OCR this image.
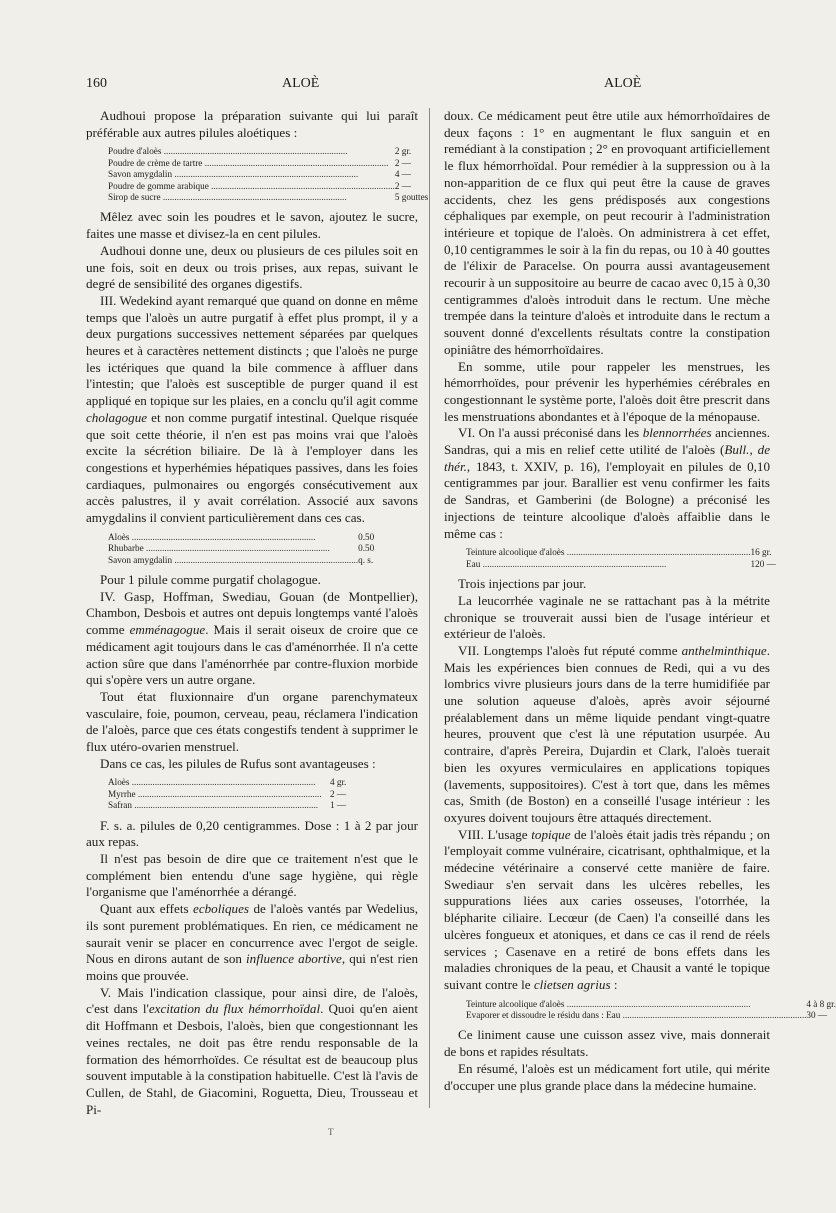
160	ALOÈ	ALOÈ

Audhoui propose la préparation suivante qui lui paraît préférable aux autres pilules aloétiques :

Poudre d'aloès ................................................................................	2 gr.
Poudre de crème de tartre ................................................................................	2 —
Savon amygdalin ................................................................................	4 —
Poudre de gomme arabique ................................................................................	2 —
Sirop de sucre ................................................................................	5 gouttes

Mêlez avec soin les poudres et le savon, ajoutez le sucre, faites une masse et divisez-la en cent pilules.

Audhoui donne une, deux ou plusieurs de ces pilules soit en une fois, soit en deux ou trois prises, aux repas, suivant le degré de sensibilité des organes digestifs.

III. Wedekind ayant remarqué que quand on donne en même temps que l'aloès un autre purgatif à effet plus prompt, il y a deux purgations successives nettement séparées par quelques heures et à caractères nettement distincts ; que l'aloès ne purge les ictériques que quand la bile commence à affluer dans l'intestin; que l'aloès est susceptible de purger quand il est appliqué en topique sur les plaies, en a conclu qu'il agit comme cholagogue et non comme purgatif intestinal. Quelque risquée que soit cette théorie, il n'en est pas moins vrai que l'aloès excite la sécrétion biliaire. De là à l'employer dans les congestions et hyperhémies hépatiques passives, dans les foies cardiaques, pulmonaires ou engorgés consécutivement aux accès palustres, il y avait corrélation. Associé aux savons amygdalins il convient particulièrement dans ces cas.

Aloès ................................................................................	0.50
Rhubarbe ................................................................................	0.50
Savon amygdalin ................................................................................	q. s.

Pour 1 pilule comme purgatif cholagogue.

IV. Gasp, Hoffman, Swediau, Gouan (de Montpellier), Chambon, Desbois et autres ont depuis longtemps vanté l'aloès comme emménagogue. Mais il serait oiseux de croire que ce médicament agit toujours dans le cas d'aménorrhée. Il n'a cette action sûre que dans l'aménorrhée par contre-fluxion morbide qui s'opère vers un autre organe.

Tout état fluxionnaire d'un organe parenchymateux vasculaire, foie, poumon, cerveau, peau, réclamera l'indication de l'aloès, parce que ces états congestifs tendent à supprimer le flux utéro-ovarien menstruel.

Dans ce cas, les pilules de Rufus sont avantageuses :

Aloès ................................................................................	4 gr.
Myrrhe ................................................................................	2 —
Safran ................................................................................	1 —

F. s. a. pilules de 0,20 centigrammes. Dose : 1 à 2 par jour aux repas.

Il n'est pas besoin de dire que ce traitement n'est que le complément bien entendu d'une sage hygiène, qui règle l'organisme que l'aménorrhée a dérangé.

Quant aux effets ecboliques de l'aloès vantés par Wedelius, ils sont purement problématiques. En rien, ce médicament ne saurait venir se placer en concurrence avec l'ergot de seigle. Nous en dirons autant de son influence abortive, qui n'est rien moins que prouvée.

V. Mais l'indication classique, pour ainsi dire, de l'aloès, c'est dans l'excitation du flux hémorrhoïdal. Quoi qu'en aient dit Hoffmann et Desbois, l'aloès, bien que congestionnant les veines rectales, ne doit pas être rendu responsable de la formation des hémorrhoïdes. Ce résultat est de beaucoup plus souvent imputable à la constipation habituelle. C'est là l'avis de Cullen, de Stahl, de Giacomini, Roguetta, Dieu, Trousseau et Pi-

doux. Ce médicament peut être utile aux hémorrhoïdaires de deux façons : 1° en augmentant le flux sanguin et en remédiant à la constipation ; 2° en provoquant artificiellement le flux hémorrhoïdal. Pour remédier à la suppression ou à la non-apparition de ce flux qui peut être la cause de graves accidents, chez les gens prédisposés aux congestions céphaliques par exemple, on peut recourir à l'administration intérieure et topique de l'aloès. On administrera à cet effet, 0,10 centigrammes le soir à la fin du repas, ou 10 à 40 gouttes de l'élixir de Paracelse. On pourra aussi avantageusement recourir à un suppositoire au beurre de cacao avec 0,15 à 0,30 centigrammes d'aloès introduit dans le rectum. Une mèche trempée dans la teinture d'aloès et introduite dans le rectum a souvent donné d'excellents résultats contre la constipation opiniâtre des hémorrhoïdaires.

En somme, utile pour rappeler les menstrues, les hémorrhoïdes, pour prévenir les hyperhémies cérébrales en congestionnant le système porte, l'aloès doit être prescrit dans les menstruations abondantes et à l'époque de la ménopause.

VI. On l'a aussi préconisé dans les blennorrhées anciennes. Sandras, qui a mis en relief cette utilité de l'aloès (Bull., de thér., 1843, t. XXIV, p. 16), l'employait en pilules de 0,10 centigrammes par jour. Barallier est venu confirmer les faits de Sandras, et Gamberini (de Bologne) a préconisé les injections de teinture alcoolique d'aloès affaiblie dans le même cas :

Teinture alcoolique d'aloès ................................................................................	16 gr.
Eau ................................................................................	120 —

Trois injections par jour.

La leucorrhée vaginale ne se rattachant pas à la métrite chronique se trouverait aussi bien de l'usage intérieur et extérieur de l'aloès.

VII. Longtemps l'aloès fut réputé comme anthelminthique. Mais les expériences bien connues de Redi, qui a vu des lombrics vivre plusieurs jours dans de la terre humidifiée par une solution aqueuse d'aloès, après avoir séjourné préalablement dans un même liquide pendant vingt-quatre heures, prouvent que c'est là une réputation usurpée. Au contraire, d'après Pereira, Dujardin et Clark, l'aloès tuerait bien les oxyures vermiculaires en applications topiques (lavements, suppositoires). C'est à tort que, dans les mêmes cas, Smith (de Boston) en a conseillé l'usage intérieur : les oxyures doivent toujours être attaqués directement.

VIII. L'usage topique de l'aloès était jadis très répandu ; on l'employait comme vulnéraire, cicatrisant, ophthalmique, et la médecine vétérinaire a conservé cette manière de faire. Swediaur s'en servait dans les ulcères rebelles, les suppurations liées aux caries osseuses, l'otorrhée, la blépharite ciliaire. Lecœur (de Caen) l'a conseillé dans les ulcères fongueux et atoniques, et dans ce cas il rend de réels services ; Casenave en a retiré de bons effets dans les maladies chroniques de la peau, et Chausit a vanté le topique suivant contre le clietsen agrius :

Teinture alcoolique d'aloès ................................................................................	4 à 8 gr.
Evaporer et dissoudre le résidu dans : Eau ................................................................................	30 —

Ce liniment cause une cuisson assez vive, mais donnerait de bons et rapides résultats.

En résumé, l'aloès est un médicament fort utile, qui mérite d'occuper une plus grande place dans la médecine humaine.

T
